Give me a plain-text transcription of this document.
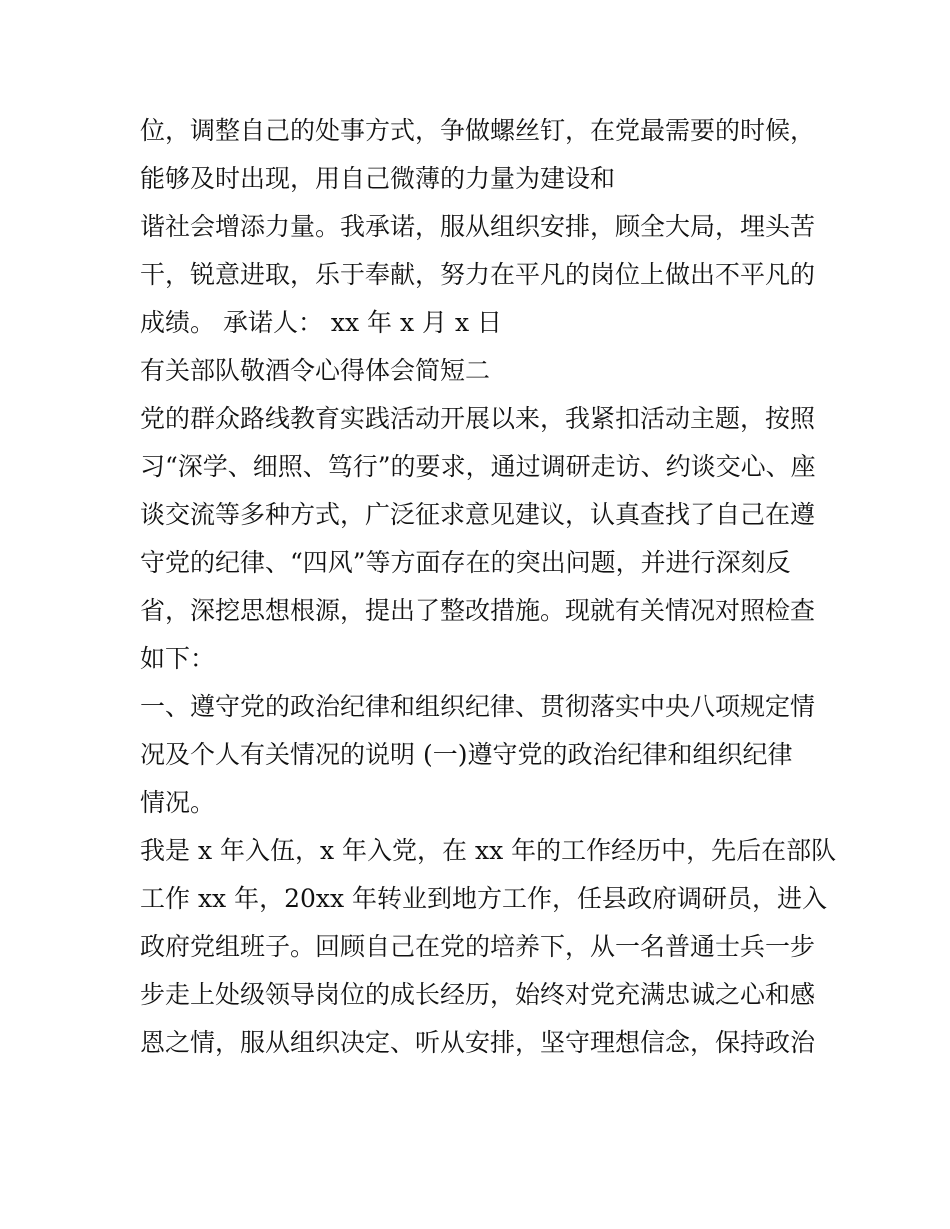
位，调整自己的处事方式，争做螺丝钉，在党最需要的时候，
能够及时出现，用自己微薄的力量为建设和
谐社会增添力量。我承诺，服从组织安排，顾全大局，埋头苦
干，锐意进取，乐于奉献，努力在平凡的岗位上做出不平凡的
成绩。 承诺人： xx 年 x 月 x 日
有关部队敬酒令心得体会简短二
党的群众路线教育实践活动开展以来，我紧扣活动主题，按照
习“深学、细照、笃行”的要求，通过调研走访、约谈交心、座
谈交流等多种方式，广泛征求意见建议，认真查找了自己在遵
守党的纪律、“四风”等方面存在的突出问题，并进行深刻反
省，深挖思想根源，提出了整改措施。现就有关情况对照检查
如下：
一、遵守党的政治纪律和组织纪律、贯彻落实中央八项规定情
况及个人有关情况的说明 (一)遵守党的政治纪律和组织纪律
情况。
我是 x 年入伍，x 年入党，在 xx 年的工作经历中，先后在部队
工作 xx 年，20xx 年转业到地方工作，任县政府调研员，进入
政府党组班子。回顾自己在党的培养下，从一名普通士兵一步
步走上处级领导岗位的成长经历，始终对党充满忠诚之心和感
恩之情，服从组织决定、听从安排，坚守理想信念，保持政治
